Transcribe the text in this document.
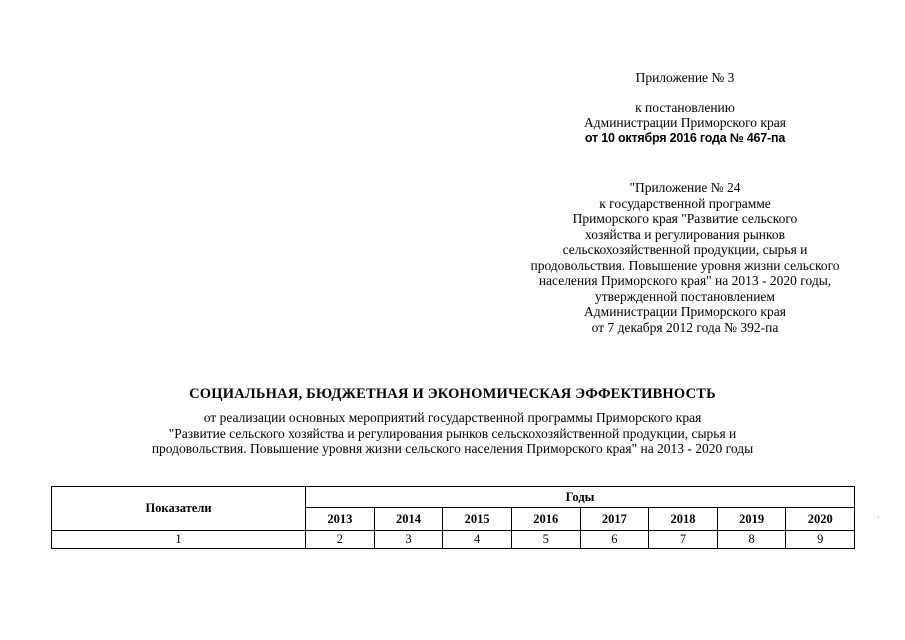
Приложение № 3
к постановлению
Администрации Приморского края
от 10 октября 2016 года № 467-па
"Приложение № 24
к государственной программе
Приморского края "Развитие сельского
хозяйства и регулирования рынков
сельскохозяйственной продукции, сырья и
продовольствия. Повышение уровня жизни сельского
населения Приморского края" на 2013 - 2020 годы,
утвержденной постановлением
Администрации Приморского края
от 7 декабря 2012 года № 392-па
СОЦИАЛЬНАЯ, БЮДЖЕТНАЯ И ЭКОНОМИЧЕСКАЯ ЭФФЕКТИВНОСТЬ
от реализации основных мероприятий государственной программы Приморского края
"Развитие сельского хозяйства и регулирования рынков сельскохозяйственной продукции, сырья и
продовольствия. Повышение уровня жизни сельского населения Приморского края" на 2013 - 2020 годы
Показатели	Годы							
	2013	2014	2015	2016	2017	2018	2019	2020
1	2	3	4	5	6	7	8	9
`
